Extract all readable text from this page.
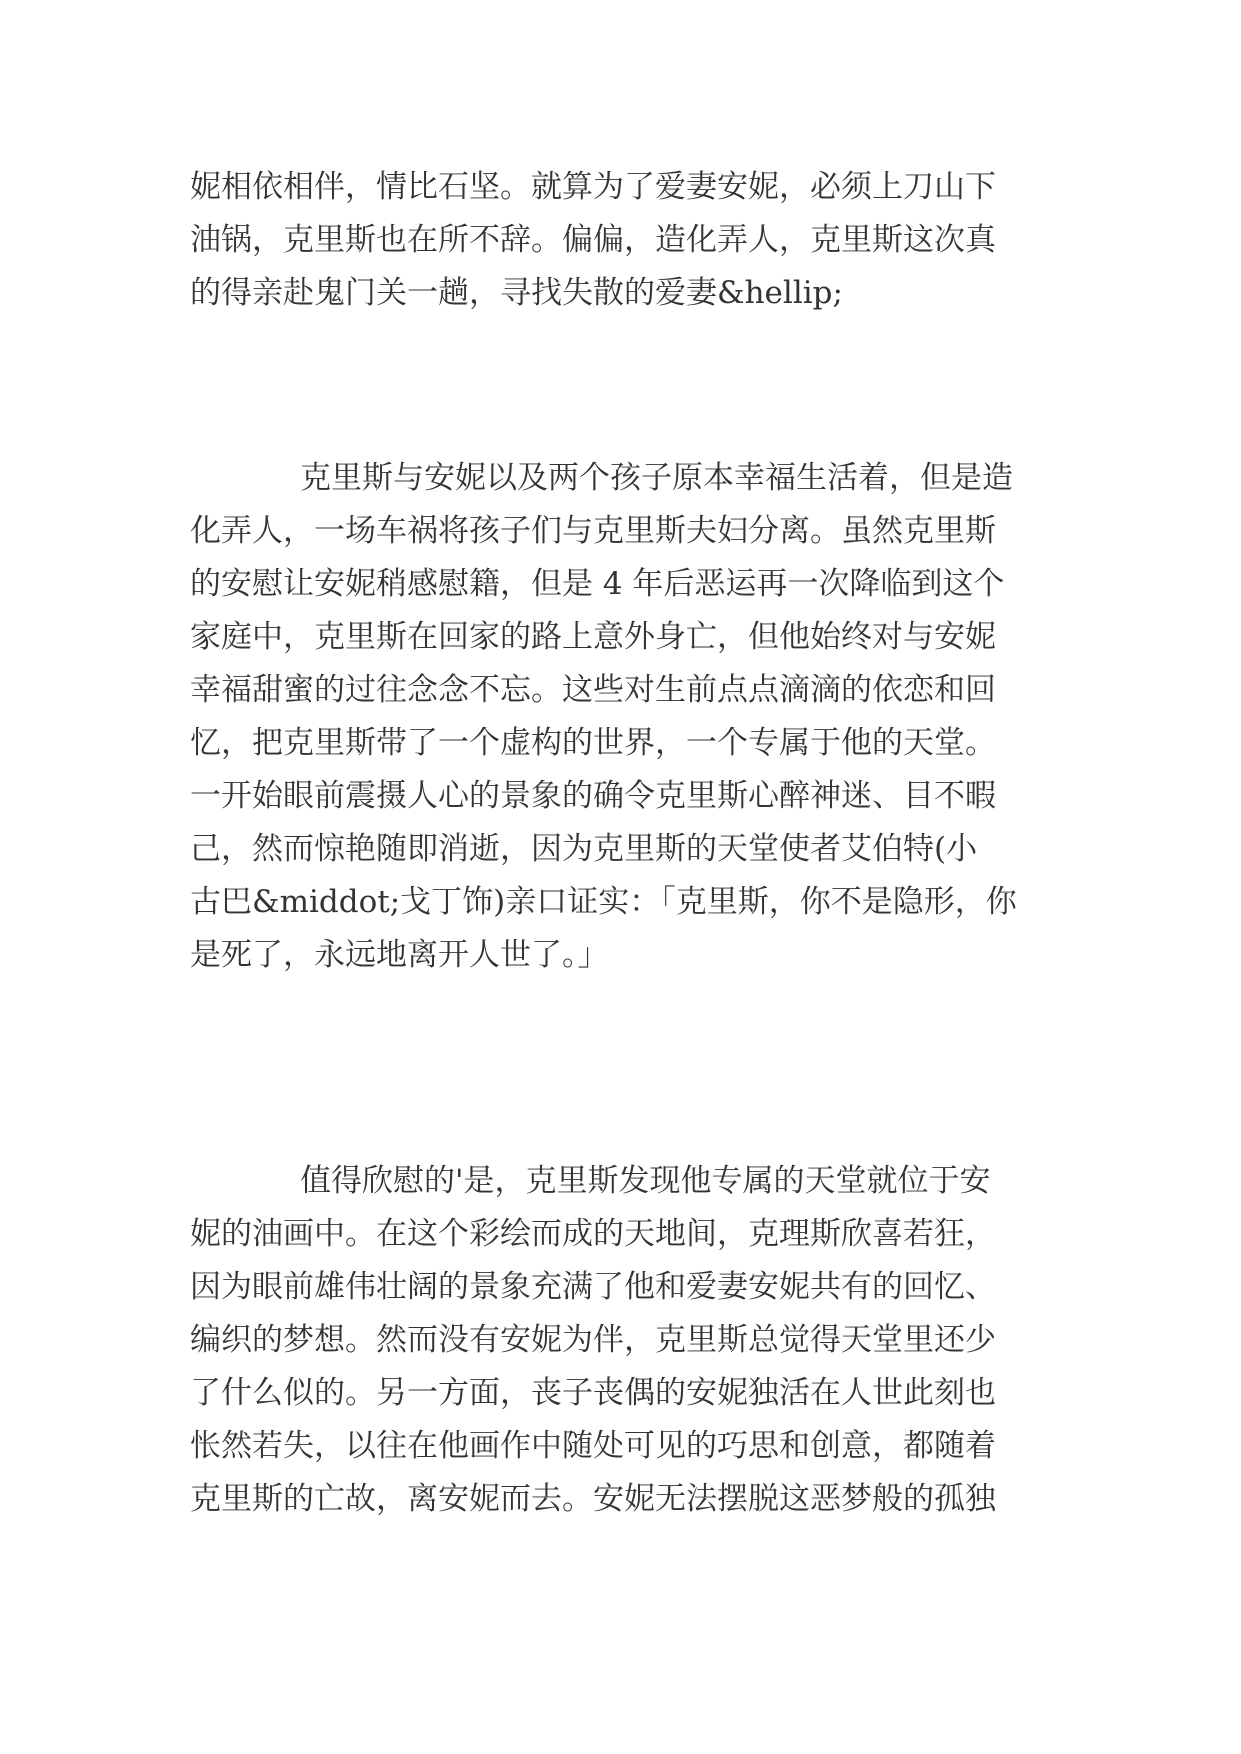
妮相依相伴，情比石坚。就算为了爱妻安妮，必须上刀山下
油锅，克里斯也在所不辞。偏偏，造化弄人，克里斯这次真
的得亲赴鬼门关一趟，寻找失散的爱妻&hellip;
克里斯与安妮以及两个孩子原本幸福生活着，但是造
化弄人，一场车祸将孩子们与克里斯夫妇分离。虽然克里斯
的安慰让安妮稍感慰籍，但是 4 年后恶运再一次降临到这个
家庭中，克里斯在回家的路上意外身亡，但他始终对与安妮
幸福甜蜜的过往念念不忘。这些对生前点点滴滴的依恋和回
忆，把克里斯带了一个虚构的世界，一个专属于他的天堂。
一开始眼前震摄人心的景象的确令克里斯心醉神迷、目不暇
己，然而惊艳随即消逝，因为克里斯的天堂使者艾伯特(小
古巴&middot;戈丁饰)亲口证实：「克里斯，你不是隐形，你
是死了，永远地离开人世了。」
值得欣慰的'是，克里斯发现他专属的天堂就位于安
妮的油画中。在这个彩绘而成的天地间，克理斯欣喜若狂，
因为眼前雄伟壮阔的景象充满了他和爱妻安妮共有的回忆、
编织的梦想。然而没有安妮为伴，克里斯总觉得天堂里还少
了什么似的。另一方面，丧子丧偶的安妮独活在人世此刻也
怅然若失，以往在他画作中随处可见的巧思和创意，都随着
克里斯的亡故，离安妮而去。安妮无法摆脱这恶梦般的孤独
